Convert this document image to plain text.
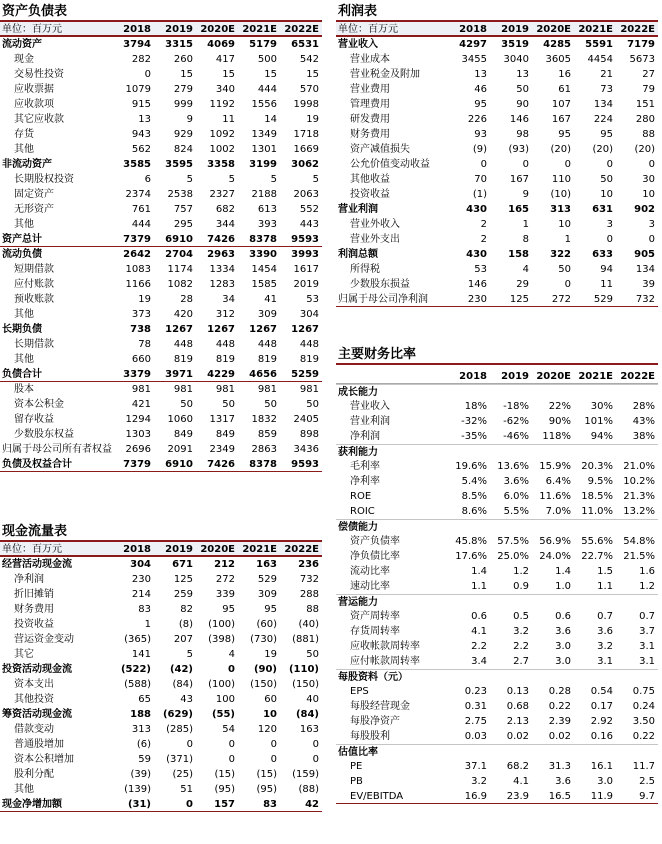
资产负债表
单位：百万元	2018	2019 2020E 2021E 2022E
流动资产	3794	3315	4069	5179	6531
现金	282	260	417	500	542
交易性投资	0	15	15	15	15
应收票据	1079	279	340	444	570
应收款项	915	999	1192	1556	1998
其它应收款	13	9	11	14	19
存货	943	929	1092	1349	1718
其他	562	824	1002	1301	1669
非流动资产	3585	3595	3358	3199	3062
长期股权投资	6	5	5	5	5
固定资产	2374	2538	2327	2188	2063
无形资产	761	757	682	613	552
其他	444	295	344	393	443
资产总计	7379	6910	7426	8378	9593
流动负债	2642	2704	2963	3390	3993
短期借款	1083	1174	1334	1454	1617
应付账款	1166	1082	1283	1585	2019
预收账款	19	28	34	41	53
其他	373	420	312	309	304
长期负债	738	1267	1267	1267	1267
长期借款	78	448	448	448	448
其他	660	819	819	819	819
负债合计	3379	3971	4229	4656	5259
股本	981	981	981	981	981
资本公积金	421	50	50	50	50
留存收益	1294	1060	1317	1832	2405
少数股东权益	1303	849	849	859	898
归属于母公司所有者权益	2696	2091	2349	2863	3436
负债及权益合计	7379	6910	7426	8378	9593
现金流量表
单位：百万元	2018	2019 2020E 2021E 2022E
经营活动现金流	304	671	212	163	236
净利润	230	125	272	529	732
折旧摊销	214	259	339	309	288
财务费用	83	82	95	95	88
投资收益	1	(8)	(100)	(60)	(40)
营运资金变动	(365)	207	(398)	(730)	(881)
其它	141	5	4	19	50
投资活动现金流	(522)	(42)	0	(90)	(110)
资本支出	(588)	(84)	(100)	(150)	(150)
其他投资	65	43	100	60	40
筹资活动现金流	188	(629)	(55)	10	(84)
借款变动	313	(285)	54	120	163
普通股增加	(6)	0	0	0	0
资本公积增加	59	(371)	0	0	0
股利分配	(39)	(25)	(15)	(15)	(159)
其他	(139)	51	(95)	(95)	(88)
现金净增加额	(31)	0	157	83	42
利润表
单位：百万元	2018	2019 2020E 2021E 2022E
营业收入	4297	3519	4285	5591	7179
营业成本	3455	3040	3605	4454	5673
营业税金及附加	13	13	16	21	27
营业费用	46	50	61	73	79
管理费用	95	90	107	134	151
研发费用	226	146	167	224	280
财务费用	93	98	95	95	88
资产减值损失	(9)	(93)	(20)	(20)	(20)
公允价值变动收益	0	0	0	0	0
其他收益	70	167	110	50	30
投资收益	(1)	9	(10)	10	10
营业利润	430	165	313	631	902
营业外收入	2	1	10	3	3
营业外支出	2	8	1	0	0
利润总额	430	158	322	633	905
所得税	53	4	50	94	134
少数股东损益	146	29	0	11	39
归属于母公司净利润	230	125	272	529	732
主要财务比率
2018	2019 2020E 2021E 2022E
成长能力
营业收入	18%	-18%	22%	30%	28%
营业利润	-32%	-62%	90%	101%	43%
净利润	-35%	-46%	118%	94%	38%
获利能力
毛利率	19.6%	13.6%	15.9%	20.3%	21.0%
净利率	5.4%	3.6%	6.4%	9.5%	10.2%
ROE	8.5%	6.0%	11.6%	18.5%	21.3%
ROIC	8.6%	5.5%	7.0%	11.0%	13.2%
偿债能力
资产负债率	45.8%	57.5%	56.9%	55.6%	54.8%
净负债比率	17.6%	25.0%	24.0%	22.7%	21.5%
流动比率	1.4	1.2	1.4	1.5	1.6
速动比率	1.1	0.9	1.0	1.1	1.2
营运能力
资产周转率	0.6	0.5	0.6	0.7	0.7
存货周转率	4.1	3.2	3.6	3.6	3.7
应收帐款周转率	2.2	2.2	3.0	3.2	3.1
应付帐款周转率	3.4	2.7	3.0	3.1	3.1
每股资料（元）
EPS	0.23	0.13	0.28	0.54	0.75
每股经营现金	0.31	0.68	0.22	0.17	0.24
每股净资产	2.75	2.13	2.39	2.92	3.50
每股股利	0.03	0.02	0.02	0.16	0.22
估值比率
PE	37.1	68.2	31.3	16.1	11.7
PB	3.2	4.1	3.6	3.0	2.5
EV/EBITDA	16.9	23.9	16.5	11.9	9.7
